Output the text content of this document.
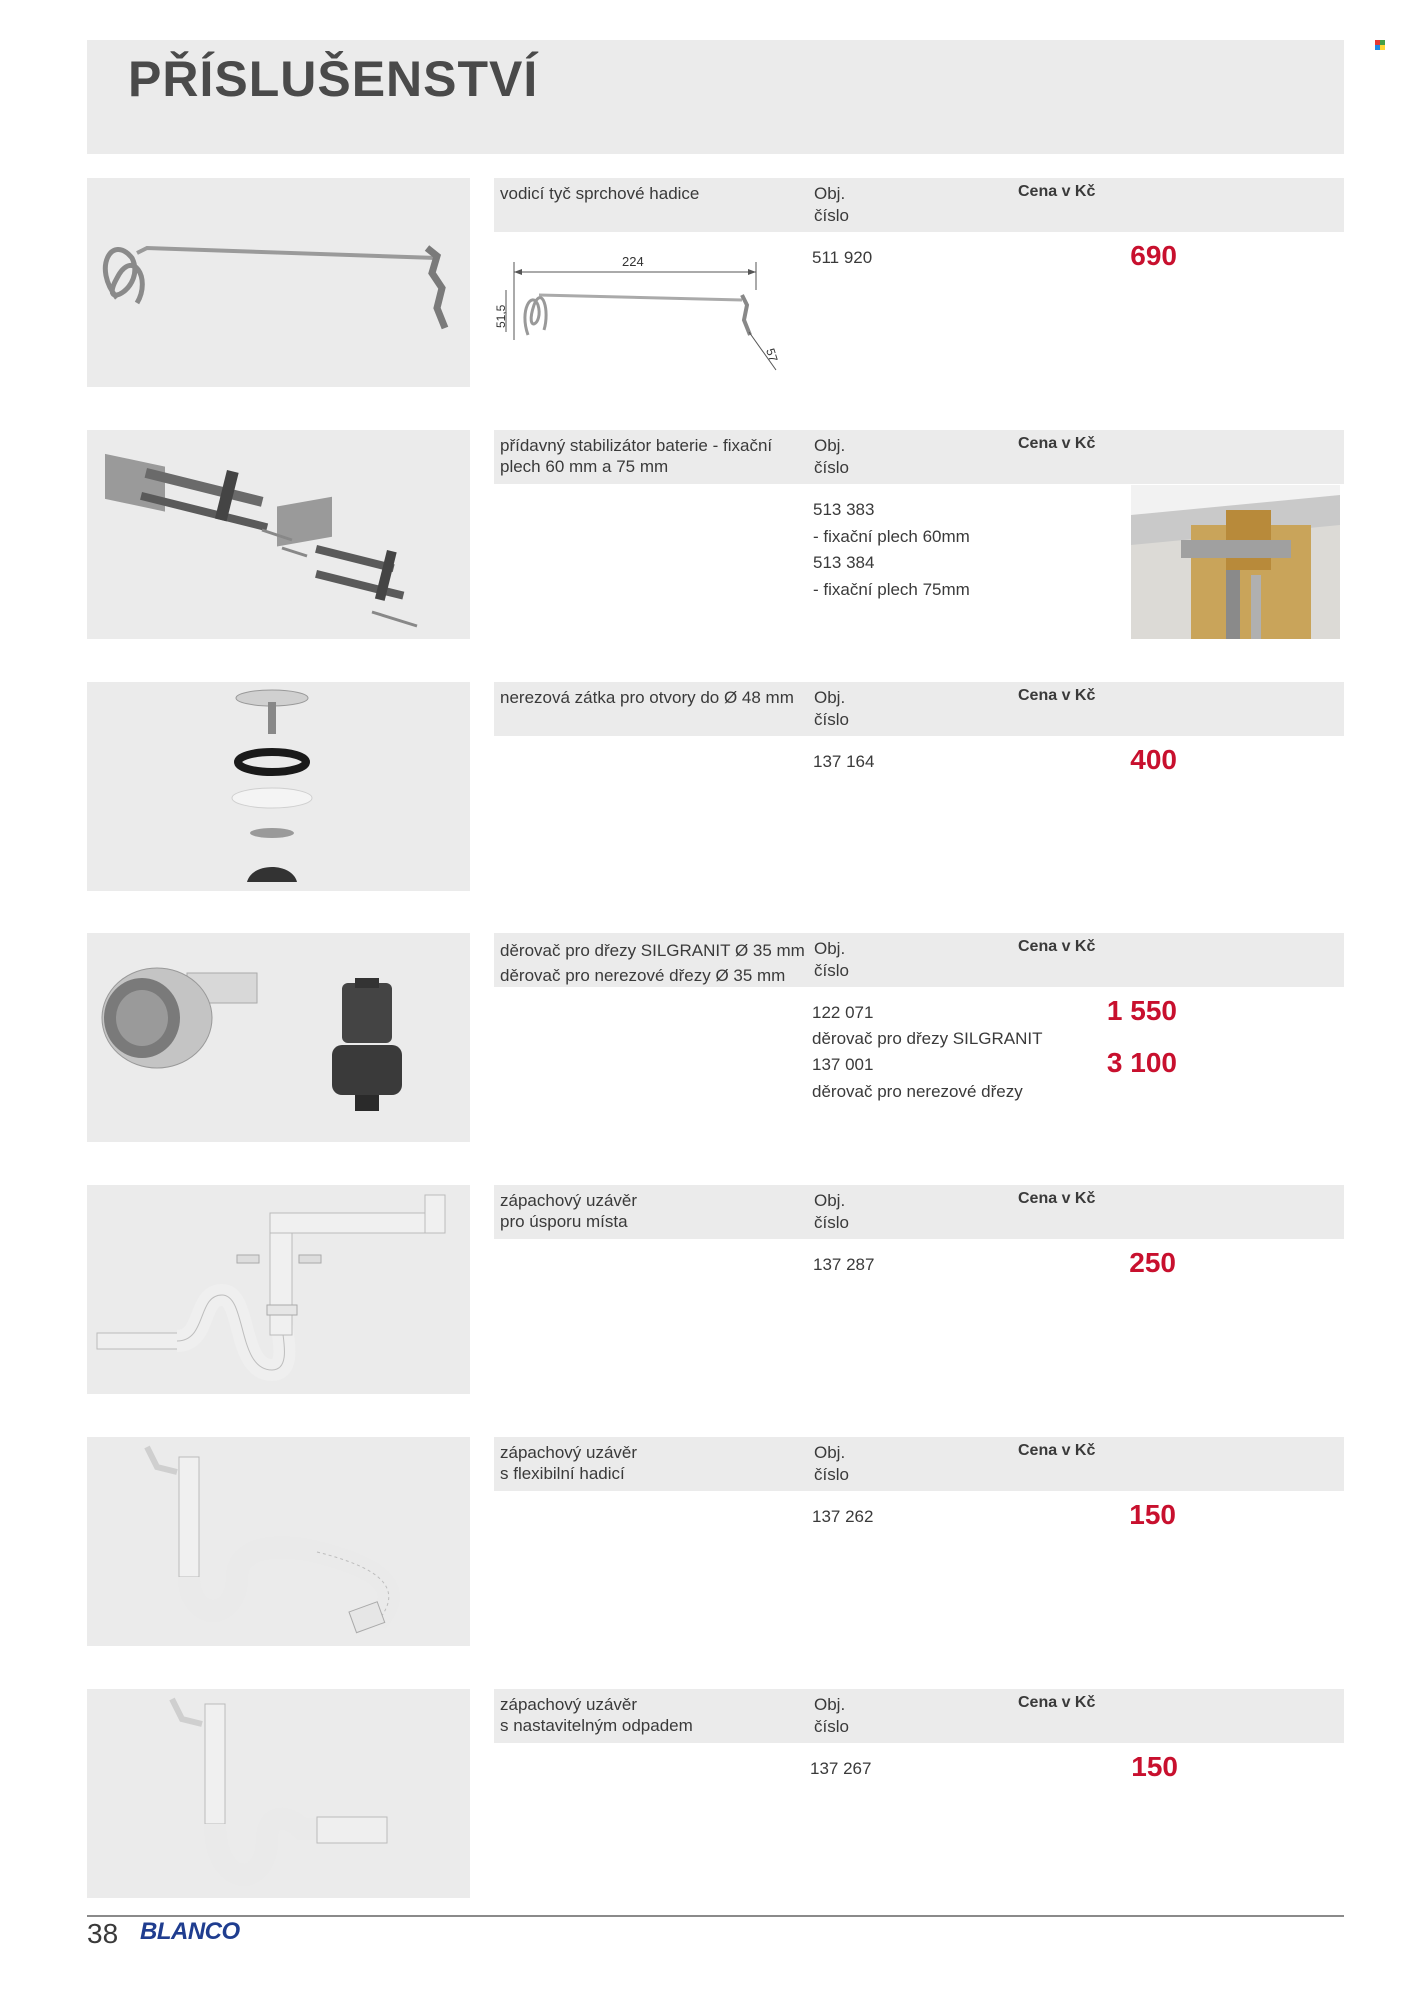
PŘÍSLUŠENSTVÍ
vodicí tyč sprchové hadice	Obj.
číslo
Cena v Kč
224
51,5
57
511 920	690
přídavný stabilizátor baterie - fixační
plech 60 mm a 75 mm
Obj.
číslo
Cena v Kč
513 383
- fixační plech 60mm
513 384
- fixační plech 75mm
nerezová zátka pro otvory do Ø 48 mm Obj.
číslo
Cena v Kč
137 164	400
děrovač pro dřezy SILGRANIT Ø 35 mm
děrovač pro nerezové dřezy Ø 35 mm
Obj.
číslo
Cena v Kč
122 071
děrovač pro dřezy SILGRANIT
1 550
137 001
děrovač pro nerezové dřezy
3 100
zápachový uzávěr
pro úsporu místa
Obj.
číslo
Cena v Kč
137 287	250
zápachový uzávěr
s flexibilní hadicí
Obj.
číslo
Cena v Kč
137 262	150
zápachový uzávěr
s nastavitelným odpadem
Obj.
číslo
Cena v Kč
137 267	150
38 BLANCO
